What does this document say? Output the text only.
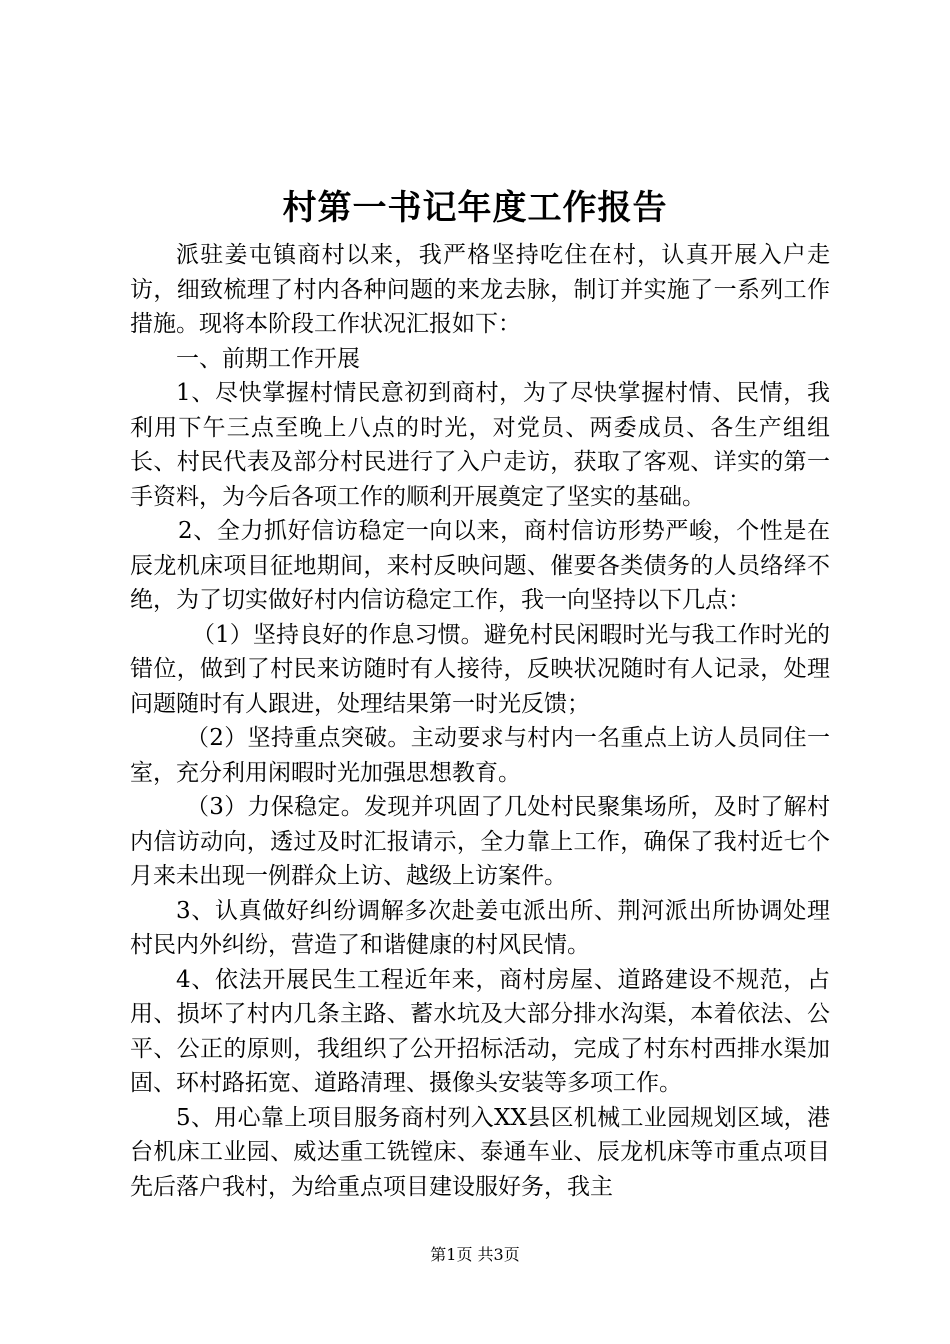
村第一书记年度工作报告

派驻姜屯镇商村以来，我严格坚持吃住在村，认真开展入户走访，细致梳理了村内各种问题的来龙去脉，制订并实施了一系列工作措施。现将本阶段工作状况汇报如下：

一、前期工作开展

1、尽快掌握村情民意初到商村，为了尽快掌握村情、民情，我利用下午三点至晚上八点的时光，对党员、两委成员、各生产组组长、村民代表及部分村民进行了入户走访，获取了客观、详实的第一手资料，为今后各项工作的顺利开展奠定了坚实的基础。

2、全力抓好信访稳定一向以来，商村信访形势严峻，个性是在辰龙机床项目征地期间，来村反映问题、催要各类债务的人员络绎不绝，为了切实做好村内信访稳定工作，我一向坚持以下几点：

（1）坚持良好的作息习惯。避免村民闲暇时光与我工作时光的错位，做到了村民来访随时有人接待，反映状况随时有人记录，处理问题随时有人跟进，处理结果第一时光反馈；

（2）坚持重点突破。主动要求与村内一名重点上访人员同住一室，充分利用闲暇时光加强思想教育。

（3）力保稳定。发现并巩固了几处村民聚集场所，及时了解村内信访动向，透过及时汇报请示，全力靠上工作，确保了我村近七个月来未出现一例群众上访、越级上访案件。

3、认真做好纠纷调解多次赴姜屯派出所、荆河派出所协调处理村民内外纠纷，营造了和谐健康的村风民情。

4、依法开展民生工程近年来，商村房屋、道路建设不规范，占用、损坏了村内几条主路、蓄水坑及大部分排水沟渠，本着依法、公平、公正的原则，我组织了公开招标活动，完成了村东村西排水渠加固、环村路拓宽、道路清理、摄像头安装等多项工作。

5、用心靠上项目服务商村列入XX县区机械工业园规划区域，港台机床工业园、威达重工铣镗床、泰通车业、辰龙机床等市重点项目先后落户我村，为给重点项目建设服好务，我主

第1页 共3页
